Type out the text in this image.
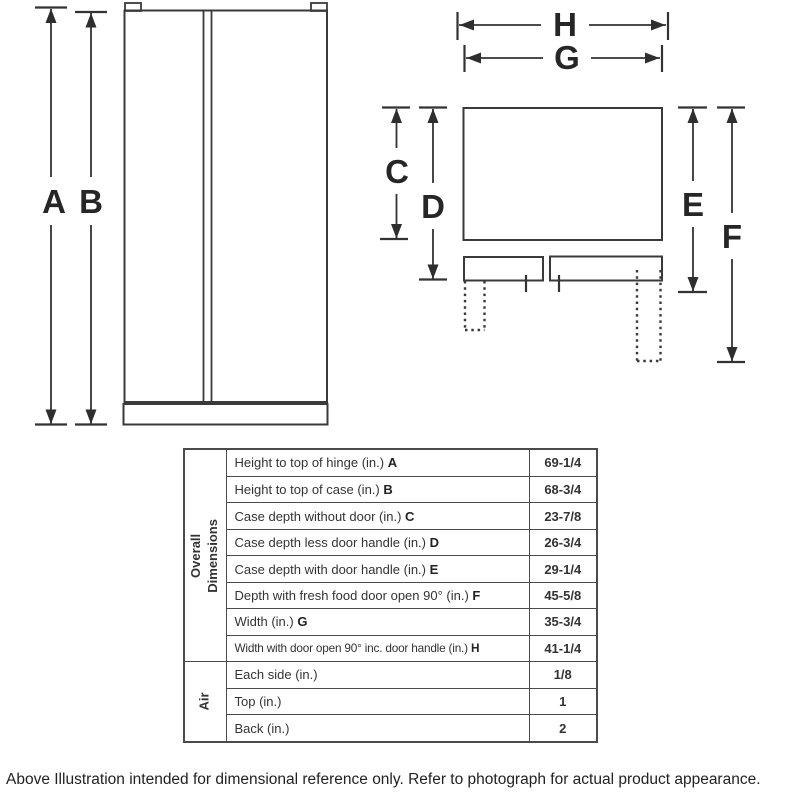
A B
H
G
C
D	E
F
Overall Dimensions	Height to top of hinge (in.) A	69-1/4
	Height to top of case (in.) B	68-3/4
	Case depth without door (in.) C	23-7/8
	Case depth less door handle (in.) D	26-3/4
	Case depth with door handle (in.) E	29-1/4
	Depth with fresh food door open 90° (in.) F	45-5/8
	Width (in.) G	35-3/4
	Width with door open 90° inc. door handle (in.) H	41-1/4

Air	Each side (in.)	1/8
	Top (in.)	1
	Back (in.)	2
Above Illustration intended for dimensional reference only. Refer to photograph for actual product appearance.
